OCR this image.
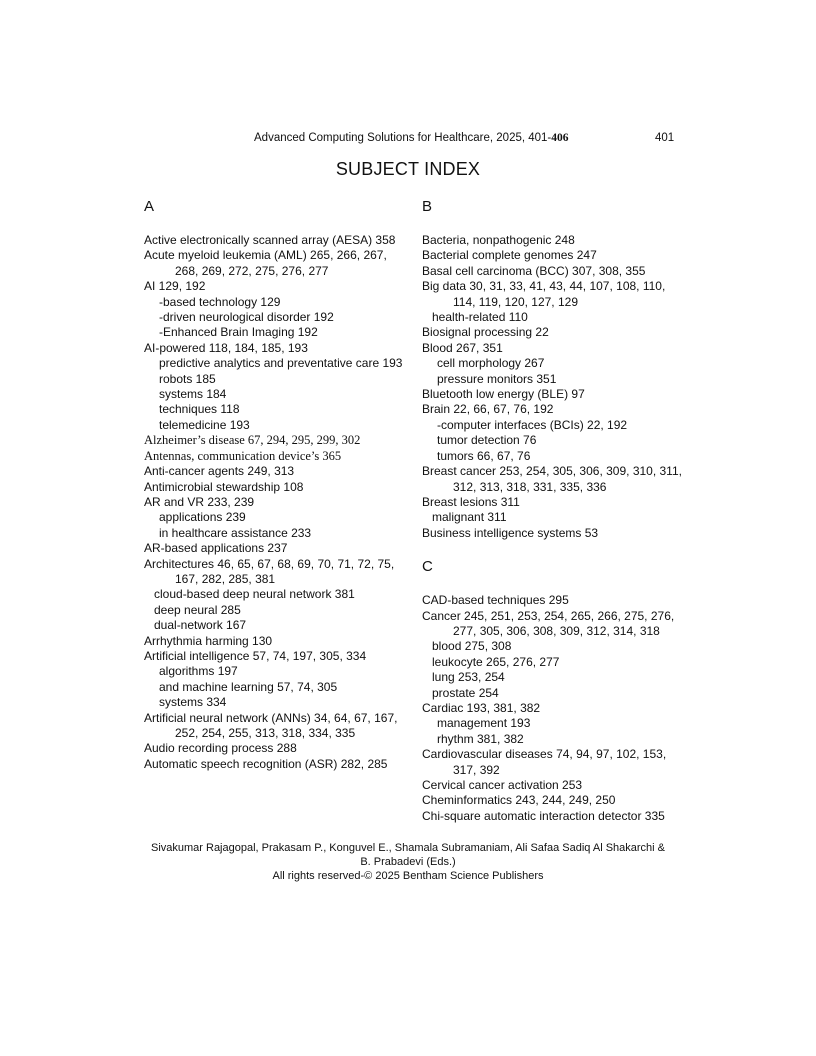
Advanced Computing Solutions for Healthcare, 2025, 401-406	401
SUBJECT INDEX
A
Active electronically scanned array (AESA) 358
Acute myeloid leukemia (AML) 265, 266, 267, 268, 269, 272, 275, 276, 277
AI 129, 192
-based technology 129
-driven neurological disorder 192
-Enhanced Brain Imaging 192
AI-powered 118, 184, 185, 193
predictive analytics and preventative care 193
robots 185
systems 184
techniques 118
telemedicine 193
Alzheimer’s disease 67, 294, 295, 299, 302
Antennas, communication device’s 365
Anti-cancer agents 249, 313
Antimicrobial stewardship 108
AR and VR 233, 239
applications 239
in healthcare assistance 233
AR-based applications 237
Architectures 46, 65, 67, 68, 69, 70, 71, 72, 75, 167, 282, 285, 381
cloud-based deep neural network 381
deep neural 285
dual-network 167
Arrhythmia harming 130
Artificial intelligence 57, 74, 197, 305, 334
algorithms 197
and machine learning 57, 74, 305
systems 334
Artificial neural network (ANNs) 34, 64, 67, 167, 252, 254, 255, 313, 318, 334, 335
Audio recording process 288
Automatic speech recognition (ASR) 282, 285
B
Bacteria, nonpathogenic 248
Bacterial complete genomes 247
Basal cell carcinoma (BCC) 307, 308, 355
Big data 30, 31, 33, 41, 43, 44, 107, 108, 110, 114, 119, 120, 127, 129
health-related 110
Biosignal processing 22
Blood 267, 351
cell morphology 267
pressure monitors 351
Bluetooth low energy (BLE) 97
Brain 22, 66, 67, 76, 192
-computer interfaces (BCIs) 22, 192
tumor detection 76
tumors 66, 67, 76
Breast cancer 253, 254, 305, 306, 309, 310, 311, 312, 313, 318, 331, 335, 336
Breast lesions 311
malignant 311
Business intelligence systems 53
C
CAD-based techniques 295
Cancer 245, 251, 253, 254, 265, 266, 275, 276, 277, 305, 306, 308, 309, 312, 314, 318
blood 275, 308
leukocyte 265, 276, 277
lung 253, 254
prostate 254
Cardiac 193, 381, 382
management 193
rhythm 381, 382
Cardiovascular diseases 74, 94, 97, 102, 153, 317, 392
Cervical cancer activation 253
Cheminformatics 243, 244, 249, 250
Chi-square automatic interaction detector 335
Sivakumar Rajagopal, Prakasam P., Konguvel E., Shamala Subramaniam, Ali Safaa Sadiq Al Shakarchi &
B. Prabadevi (Eds.)
All rights reserved-© 2025 Bentham Science Publishers
